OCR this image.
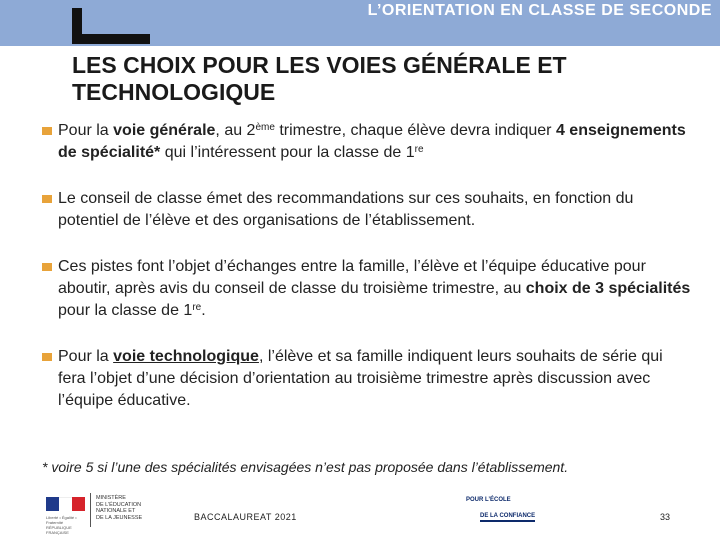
L’ORIENTATION EN CLASSE DE SECONDE
LES CHOIX POUR LES VOIES GÉNÉRALE ET
TECHNOLOGIQUE
Pour la voie générale, au 2ème trimestre, chaque élève devra indiquer 4 enseignements de spécialité* qui l’intéressent pour la classe de 1re
Le conseil de classe émet des recommandations sur ces souhaits, en fonction du potentiel de l’élève et des organisations de l’établissement.
Ces pistes font l’objet d’échanges entre la famille, l’élève et l’équipe éducative pour aboutir, après avis du conseil de classe du troisième trimestre, au choix de 3 spécialités pour la classe de 1re.
Pour la voie technologique, l’élève et sa famille indiquent leurs souhaits de série qui fera l’objet d’une décision d’orientation au troisième trimestre après discussion avec l’équipe éducative.
* voire 5 si l’une des spécialités envisagées n’est pas proposée dans l’établissement.
Liberté • Égalité • Fraternité RÉPUBLIQUE FRANÇAISE
MINISTÈRE
DE L’ÉDUCATION
NATIONALE ET
DE LA JEUNESSE	BACCALAUREAT 2021
POUR L’ÉCOLE
DE LA CONFIANCE	33
